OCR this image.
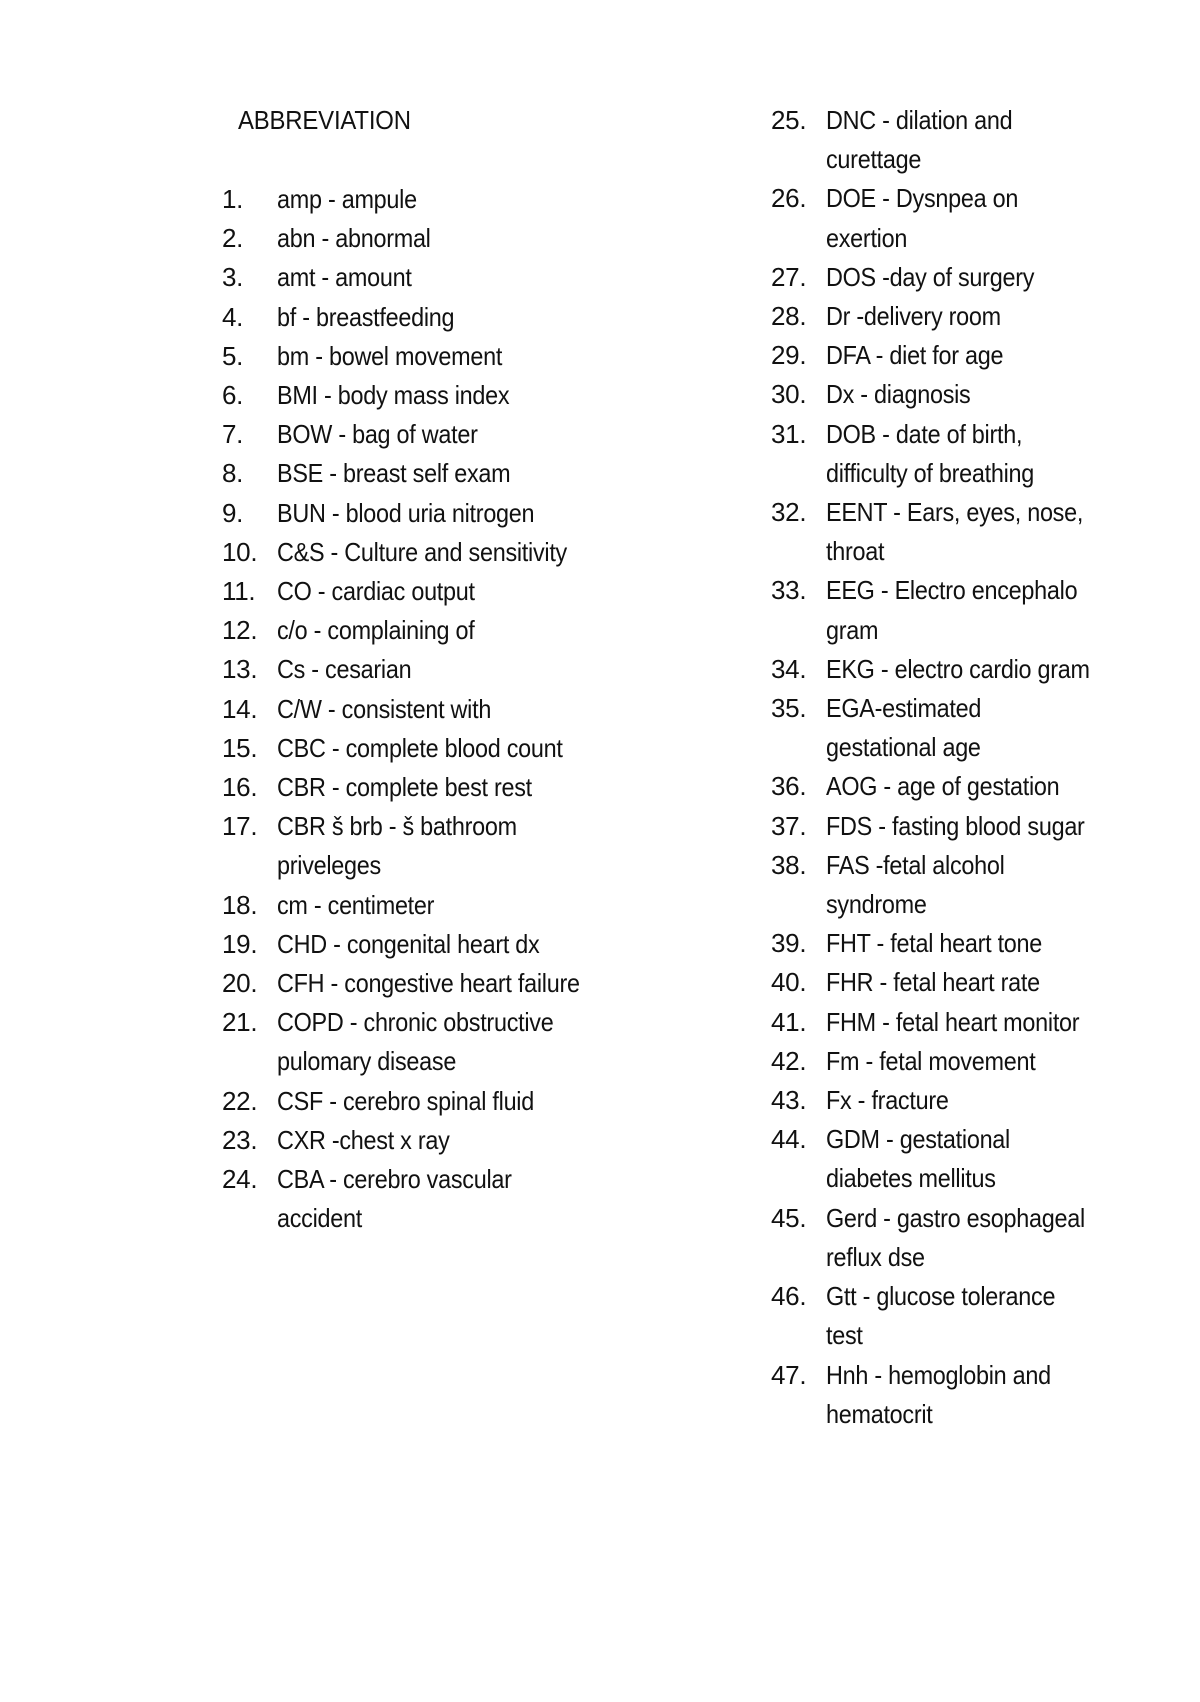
ABBREVIATION
1.	amp - ampule
2.	abn - abnormal
3.	amt - amount
4.	bf - breastfeeding
5.	bm - bowel movement
6.	BMI - body mass index
7.	BOW - bag of water
8.	BSE - breast self exam
9.	BUN - blood uria nitrogen
10. C&S - Culture and sensitivity
11. CO - cardiac output
12. c/o - complaining of
13. Cs - cesarian
14. C/W - consistent with
15. CBC - complete blood count
16. CBR - complete best rest
17. CBR š brb - š bathroom priveleges
18. cm - centimeter
19. CHD - congenital heart dx
20. CFH - congestive heart failure
21. COPD - chronic obstructive pulomary disease
22. CSF - cerebro spinal fluid
23. CXR -chest x ray
24. CBA - cerebro vascular accident
25. DNC - dilation and curettage
26. DOE - Dysnpea on exertion
27. DOS -day of surgery
28. Dr -delivery room
29. DFA - diet for age
30. Dx - diagnosis
31. DOB - date of birth, difficulty of breathing
32. EENT - Ears, eyes, nose, throat
33. EEG - Electro encephalo gram
34. EKG - electro cardio gram
35. EGA-estimated gestational age
36. AOG - age of gestation
37. FDS - fasting blood sugar
38. FAS -fetal alcohol syndrome
39. FHT - fetal heart tone
40. FHR - fetal heart rate
41. FHM - fetal heart monitor
42. Fm - fetal movement
43. Fx - fracture
44. GDM - gestational diabetes mellitus
45. Gerd - gastro esophageal reflux dse
46. Gtt - glucose tolerance test
47. Hnh - hemoglobin and hematocrit
